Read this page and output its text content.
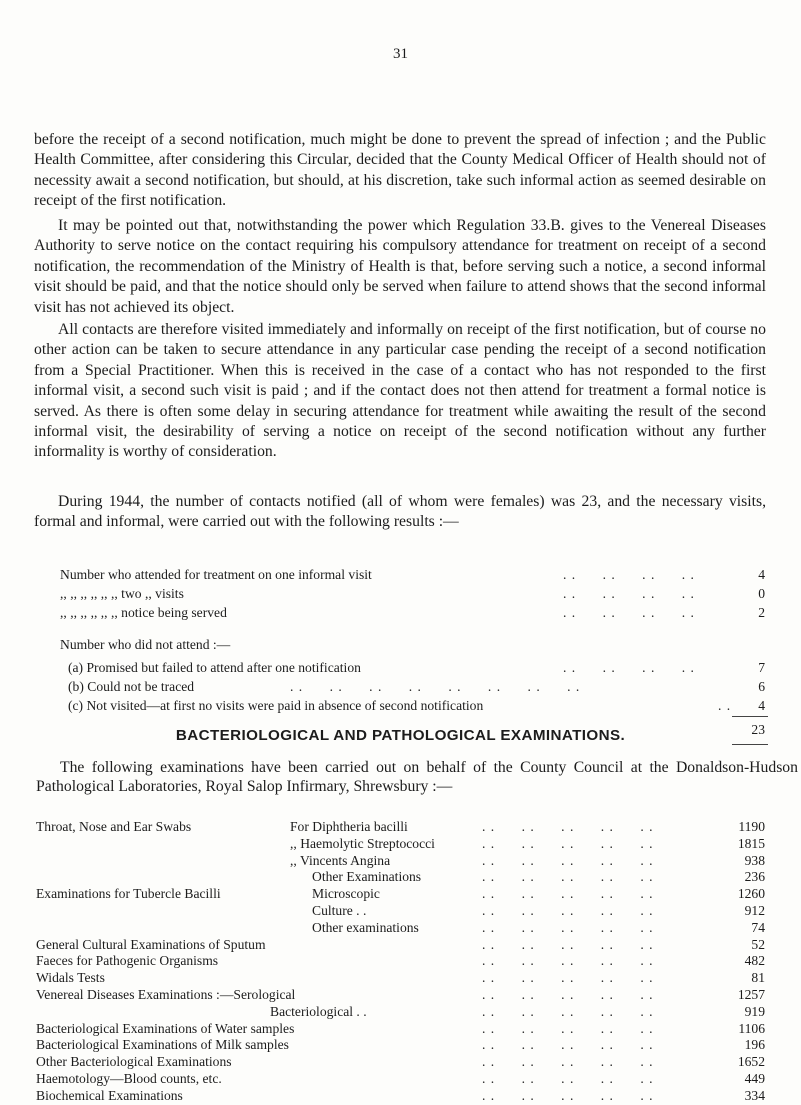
31

before the receipt of a second notification, much might be done to prevent the spread of infection ; and the Public Health Committee, after considering this Circular, decided that the County Medical Officer of Health should not of necessity await a second notification, but should, at his discretion, take such informal action as seemed desirable on receipt of the first notification.

It may be pointed out that, notwithstanding the power which Regulation 33.B. gives to the Venereal Diseases Authority to serve notice on the contact requiring his compulsory attendance for treatment on receipt of a second notification, the recommendation of the Ministry of Health is that, before serving such a notice, a second informal visit should be paid, and that the notice should only be served when failure to attend shows that the second informal visit has not achieved its object.

All contacts are therefore visited immediately and informally on receipt of the first notification, but of course no other action can be taken to secure attendance in any particular case pending the receipt of a second notification from a Special Practitioner. When this is received in the case of a contact who has not responded to the first informal visit, a second such visit is paid ; and if the contact does not then attend for treatment a formal notice is served. As there is often some delay in securing attendance for treatment while awaiting the result of the second informal visit, the desirability of serving a notice on receipt of the second notification without any further informality is worthy of consideration.

During 1944, the number of contacts notified (all of whom were females) was 23, and the necessary visits, formal and informal, were carried out with the following results :—

Number who attended for treatment on one informal visit	. .      . .      . .      . .	4
,, ,, ,, ,, ,, ,, two ,, visits	. .      . .      . .      . .	0
,, ,, ,, ,, ,, ,, notice being served	. .      . .      . .      . .	2
Number who did not attend :—
(a) Promised but failed to attend after one notification	. .      . .      . .      . .	7
(b) Could not be traced	. .      . .      . .      . .      . .      . .      . .      . .	6
(c) Not visited—at first no visits were paid in absence of second notification	. . 4
23
BACTERIOLOGICAL AND PATHOLOGICAL EXAMINATIONS.

The following examinations have been carried out on behalf of the County Council at the Donaldson-Hudson Pathological Laboratories, Royal Salop Infirmary, Shrewsbury :—

Throat, Nose and Ear Swabs	For Diphtheria bacilli	. .      . .      . .      . .      . .	1190
,, Haemolytic Streptococci	. .      . .      . .      . .      . .	1815
,, Vincents Angina	. .      . .      . .      . .      . .	938
Other Examinations	. .      . .      . .      . .      . .	236
Examinations for Tubercle Bacilli	Microscopic	. .      . .      . .      . .      . .	1260
Culture . .	. .      . .      . .      . .      . .	912
Other examinations	. .      . .      . .      . .      . .	74
General Cultural Examinations of Sputum	. .      . .      . .      . .      . .	52
Faeces for Pathogenic Organisms	. .      . .      . .      . .      . .	482
Widals Tests	. .      . .      . .      . .      . .	81
Venereal Diseases Examinations :—Serological	. .      . .      . .      . .      . .	1257
Bacteriological . .	. .      . .      . .      . .      . .	919
Bacteriological Examinations of Water samples	. .      . .      . .      . .      . .	1106
Bacteriological Examinations of Milk samples	. .      . .      . .      . .      . .	196
Other Bacteriological Examinations	. .      . .      . .      . .      . .	1652
Haemotology—Blood counts, etc.	. .      . .      . .      . .      . .	449
Biochemical Examinations	. .      . .      . .      . .      . .	334
